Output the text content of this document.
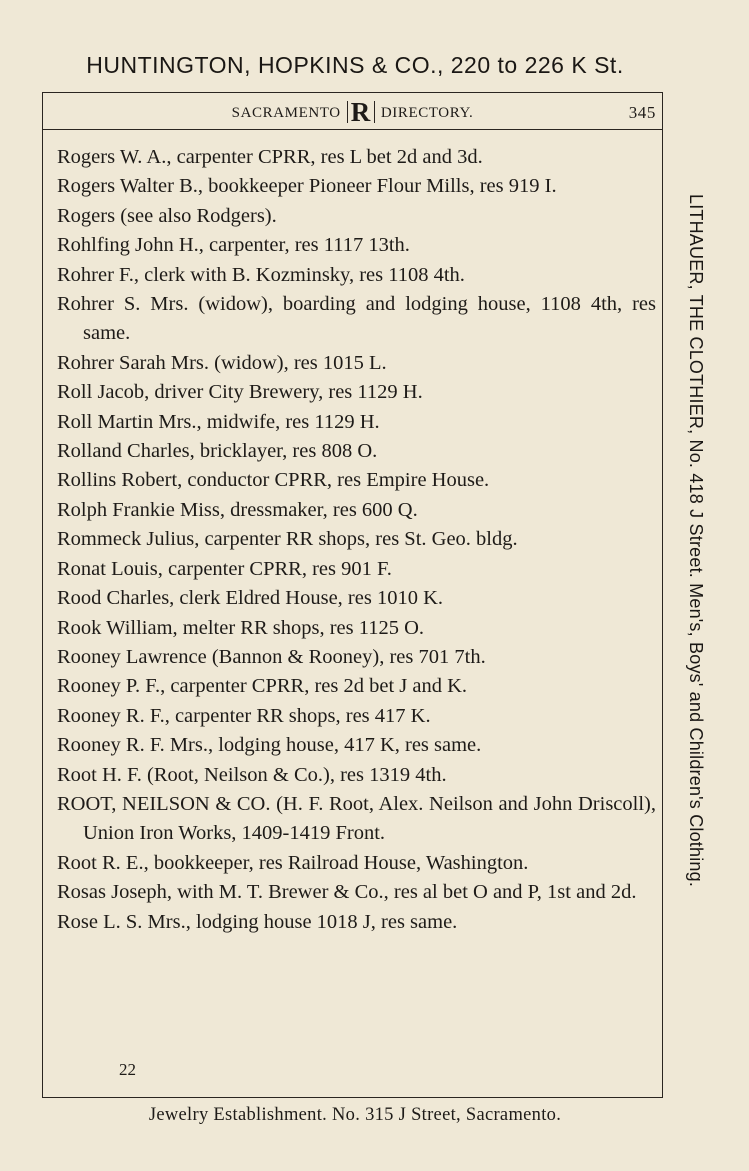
HUNTINGTON, HOPKINS & CO., 220 to 226 K St.
SACRAMENTO R DIRECTORY.	345
Rogers W. A., carpenter CPRR, res L bet 2d and 3d.
Rogers Walter B., bookkeeper Pioneer Flour Mills, res 919 I.
Rogers (see also Rodgers).
Rohlfing John H., carpenter, res 1117 13th.
Rohrer F., clerk with B. Kozminsky, res 1108 4th.
Rohrer S. Mrs. (widow), boarding and lodging house, 1108 4th, res same.
Rohrer Sarah Mrs. (widow), res 1015 L.
Roll Jacob, driver City Brewery, res 1129 H.
Roll Martin Mrs., midwife, res 1129 H.
Rolland Charles, bricklayer, res 808 O.
Rollins Robert, conductor CPRR, res Empire House.
Rolph Frankie Miss, dressmaker, res 600 Q.
Rommeck Julius, carpenter RR shops, res St. Geo. bldg.
Ronat Louis, carpenter CPRR, res 901 F.
Rood Charles, clerk Eldred House, res 1010 K.
Rook William, melter RR shops, res 1125 O.
Rooney Lawrence (Bannon & Rooney), res 701 7th.
Rooney P. F., carpenter CPRR, res 2d bet J and K.
Rooney R. F., carpenter RR shops, res 417 K.
Rooney R. F. Mrs., lodging house, 417 K, res same.
Root H. F. (Root, Neilson & Co.), res 1319 4th.
ROOT, NEILSON & CO. (H. F. Root, Alex. Neilson and John Driscoll), Union Iron Works, 1409-1419 Front.
Root R. E., bookkeeper, res Railroad House, Washington.
Rosas Joseph, with M. T. Brewer & Co., res al bet O and P, 1st and 2d.
Rose L. S. Mrs., lodging house 1018 J, res same.
22
LITHAUER, THE CLOTHIER, No. 418 J Street. Men's, Boys' and Children's Clothing.
Jewelry Establishment. No. 315 J Street, Sacramento.
